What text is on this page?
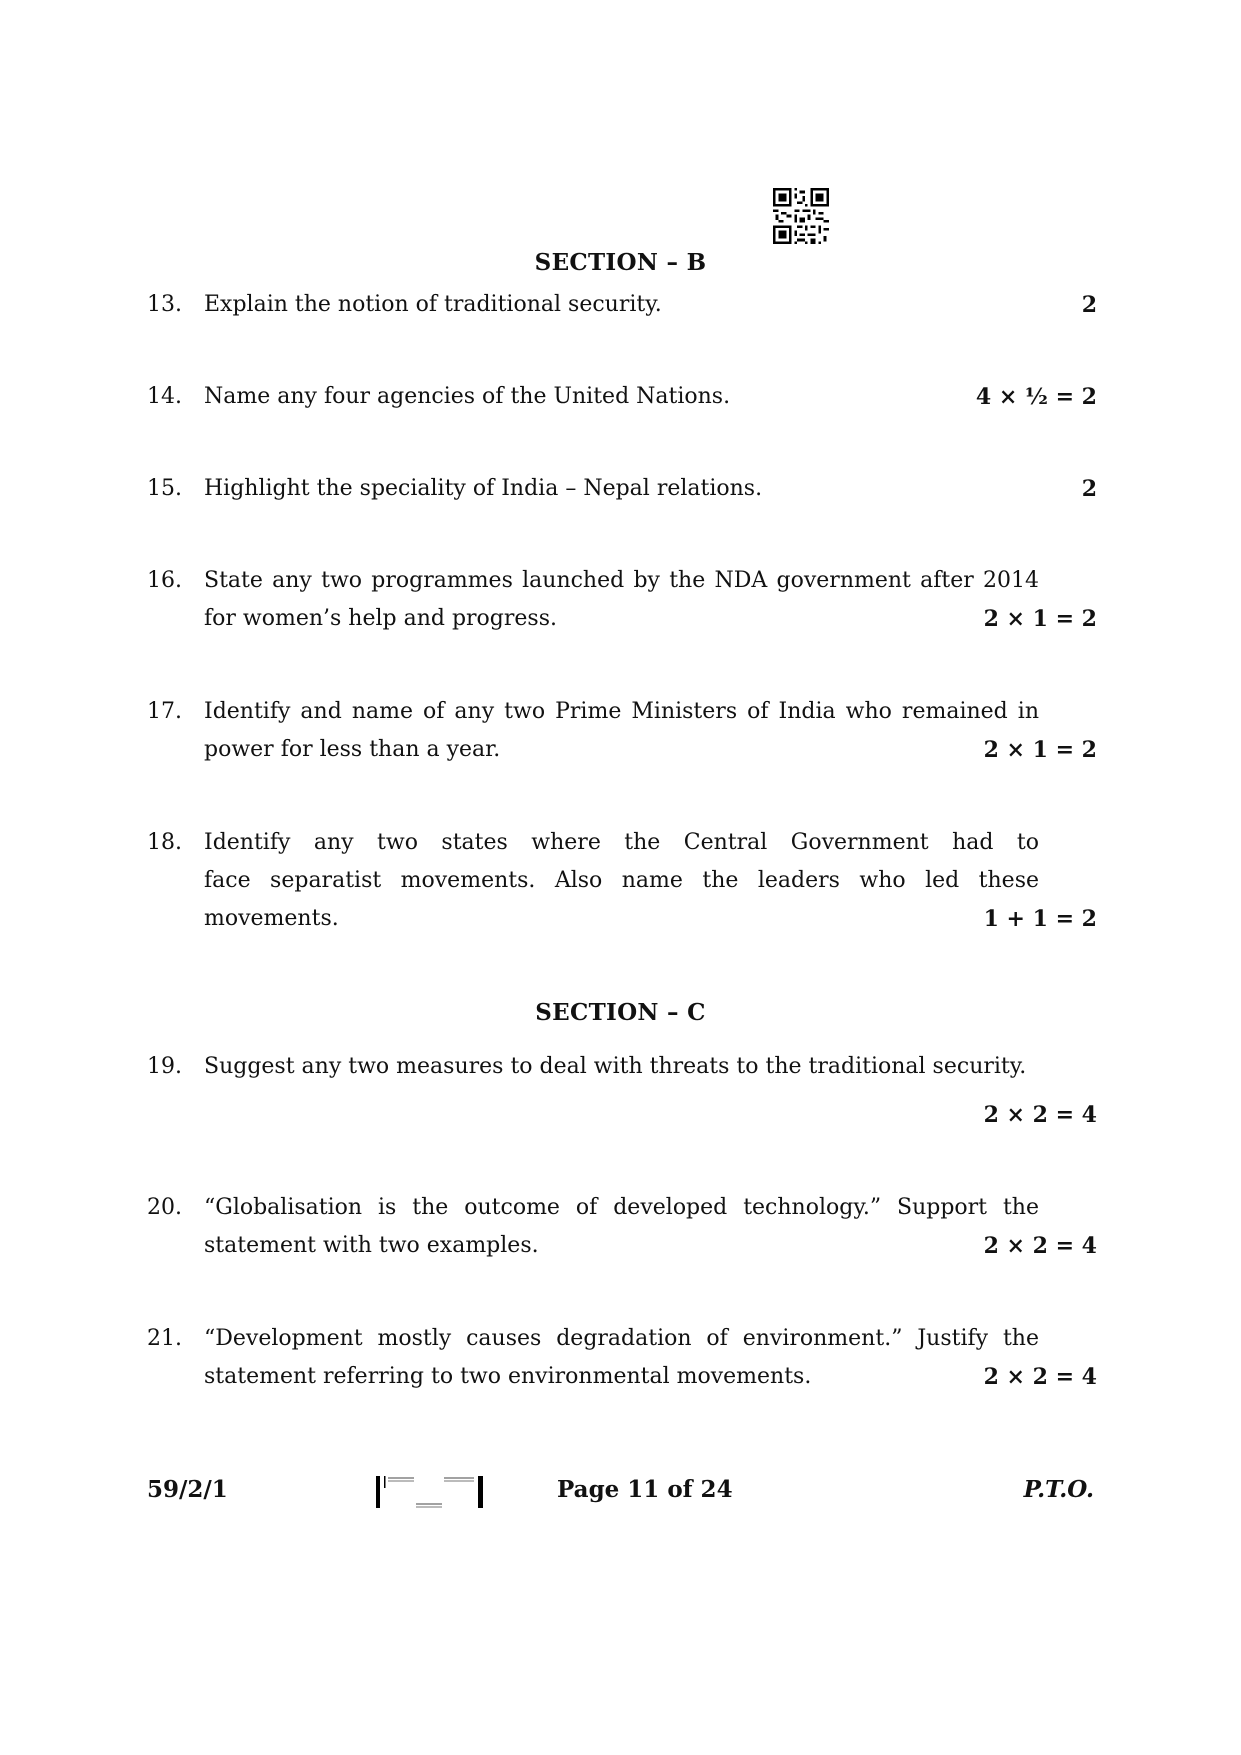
SECTION – B
13.	Explain the notion of traditional security.	2
14.	Name any four agencies of the United Nations.	4 × ½ = 2
15.	Highlight the speciality of India – Nepal relations.	2
16.	State any two programmes launched by the NDA government after 2014
for women’s help and progress.	2 × 1 = 2
17.	Identify and name of any two Prime Ministers of India who remained in
power for less than a year.	2 × 1 = 2
18.	Identify any two states where the Central Government had to
face separatist movements. Also name the leaders who led these
movements.	1 + 1 = 2
SECTION – C
19.	Suggest any two measures to deal with threats to the traditional security.
2 × 2 = 4
20.	“Globalisation is the outcome of developed technology.” Support the
statement with two examples.	2 × 2 = 4
21.	“Development mostly causes degradation of environment.” Justify the
statement referring to two environmental movements.	2 × 2 = 4
59/2/1	Page 11 of 24	P.T.O.
